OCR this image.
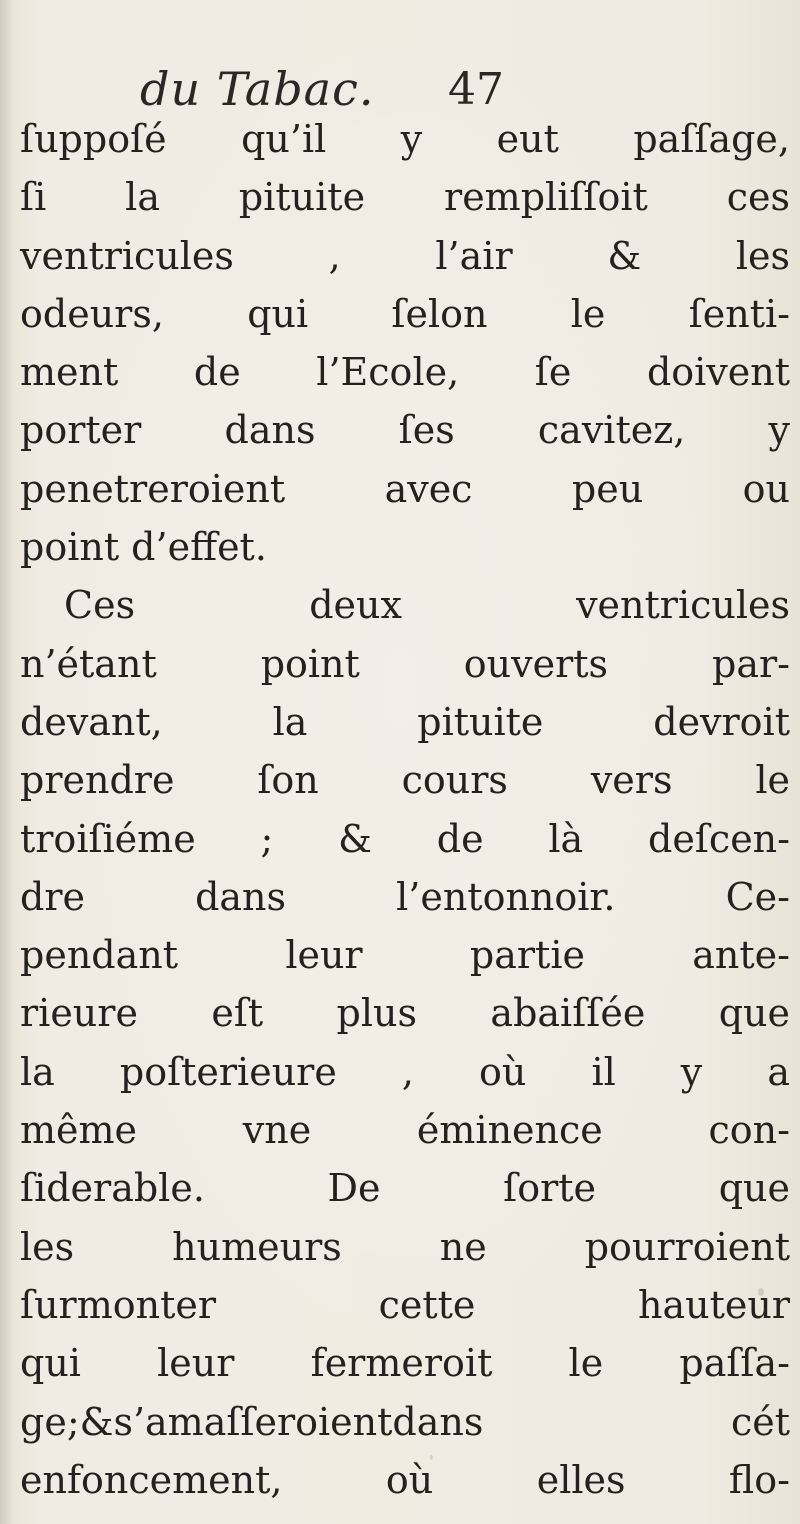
du Tabac. 47
ſuppoſé qu’il y eut paſſage,
ſi la pituite rempliſſoit ces
ventricules , l’air & les
odeurs, qui ſelon le ſenti-
ment de l’Ecole, ſe doivent
porter dans ſes cavitez, y
penetreroient avec peu ou
point d’effet.
Ces deux ventricules
n’étant point ouverts par-
devant, la pituite devroit
prendre ſon cours vers le
troiſiéme ; & de là deſcen-
dre dans l’entonnoir. Ce-
pendant leur partie ante-
rieure eſt plus abaiſſée que
la poſterieure , où il y a
même vne éminence con-
ſiderable. De ſorte que
les humeurs ne pourroient
ſurmonter cette hauteur
qui leur fermeroit le paſſa-
ge;&s’amaſſeroientdans cét
enfoncement, où elles flo-
